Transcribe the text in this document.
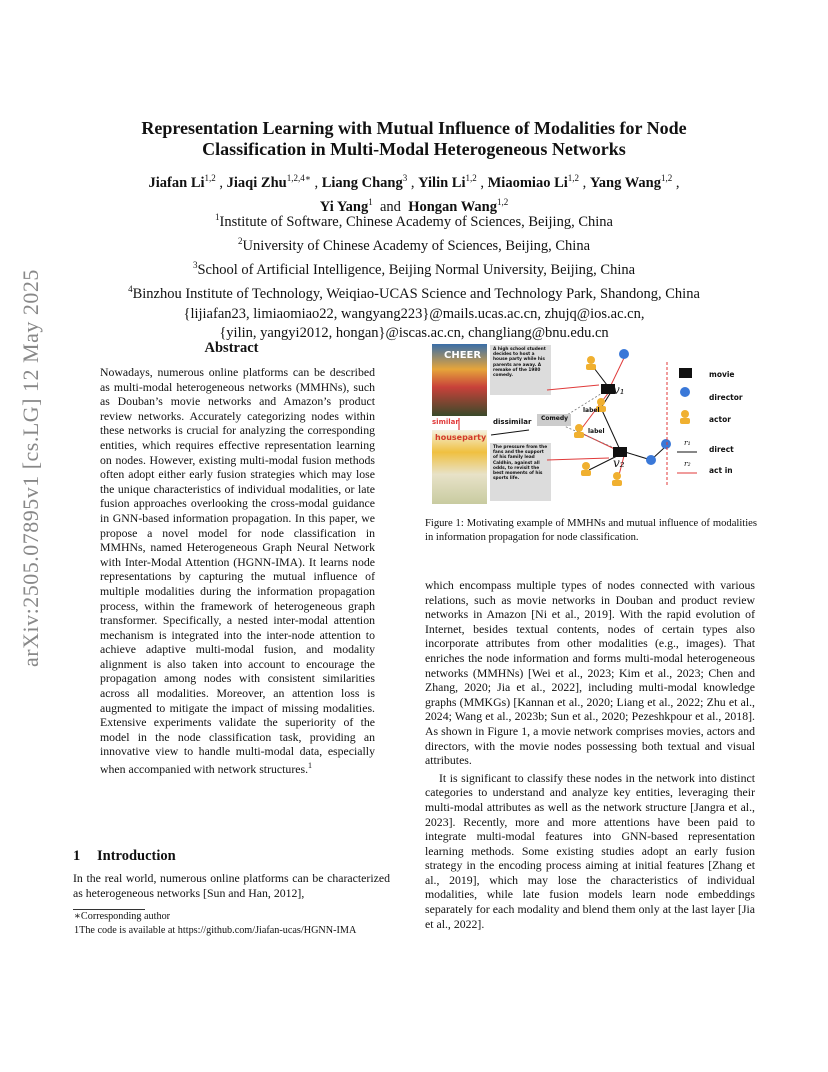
arXiv:2505.07895v1 [cs.LG] 12 May 2025
Representation Learning with Mutual Influence of Modalities for Node
Classification in Multi-Modal Heterogeneous Networks
Jiafan Li$^{1,2}$ , Jiaqi Zhu$^{1,2,4∗}$ , Liang Chang$^3$ , Yilin Li$^{1,2}$ , Miaomiao Li$^{1,2}$ , Yang Wang$^{1,2}$ ,
Yi Yang$^1$ and Hongan Wang$^{1,2}$
$^1$Institute of Software, Chinese Academy of Sciences, Beijing, China
$^2$University of Chinese Academy of Sciences, Beijing, China
$^3$School of Artificial Intelligence, Beijing Normal University, Beijing, China
$^4$Binzhou Institute of Technology, Weiqiao-UCAS Science and Technology Park, Shandong, China
{lijiafan23, limiaomiao22, wangyang223}@mails.ucas.ac.cn, zhujq@ios.ac.cn,
{yilin, yangyi2012, hongan}@iscas.ac.cn, changliang@bnu.edu.cn
Abstract
Nowadays, numerous online platforms can be described as multi-modal heterogeneous networks (MMHNs), such as Douban’s movie networks and Amazon’s product review networks. Accurately categorizing nodes within these networks is crucial for analyzing the corresponding entities, which requires effective representation learning on nodes. However, existing multi-modal fusion methods often adopt either early fusion strategies which may lose the unique characteristics of individual modalities, or late fusion approaches overlooking the cross-modal guidance in GNN-based information propagation. In this paper, we propose a novel model for node classification in MMHNs, named Heterogeneous Graph Neural Network with Inter-Modal Attention (HGNN-IMA). It learns node representations by capturing the mutual influence of multiple modalities during the information propagation process, within the framework of heterogeneous graph transformer. Specifically, a nested inter-modal attention mechanism is integrated into the inter-node attention to achieve adaptive multi-modal fusion, and modality alignment is also taken into account to encourage the propagation among nodes with consistent similarities across all modalities. Moreover, an attention loss is augmented to mitigate the impact of missing modalities. Extensive experiments validate the superiority of the model in the node classification task, providing an innovative view to handle multi-modal data, especially when accompanied with network structures.$^1$
1 Introduction
In the real world, numerous online platforms can be characterized as heterogeneous networks [Sun and Han, 2012],

∗Corresponding author

1The code is available at https://github.com/Jiafan-ucas/HGNN-IMA

CHEER
houseparty
A high school student decides to host a house party while his parents are away. A remake of the 1980 comedy.
The pressure from the fans and the support of his family lead Caldhin, against all odds, to revisit the best moments of his sports life.
similar	dissimilar Comedy
label
label
v₁
v₂
movie
director
actor
r₁
direct
r₂
act in
Figure 1: Motivating example of MMHNs and mutual influence of modalities in information propagation for node classification.

which encompass multiple types of nodes connected with various relations, such as movie networks in Douban and product review networks in Amazon [Ni et al., 2019]. With the rapid evolution of Internet, besides textual contents, nodes of certain types also incorporate attributes from other modalities (e.g., images). That enriches the node information and forms multi-modal heterogeneous networks (MMHNs) [Wei et al., 2023; Kim et al., 2023; Chen and Zhang, 2020; Jia et al., 2022], including multi-modal knowledge graphs (MMKGs) [Kannan et al., 2020; Liang et al., 2022; Zhu et al., 2024; Wang et al., 2023b; Sun et al., 2020; Pezeshkpour et al., 2018]. As shown in Figure 1, a movie network comprises movies, actors and directors, with the movie nodes possessing both textual and visual attributes.

It is significant to classify these nodes in the network into distinct categories to understand and analyze key entities, leveraging their multi-modal attributes as well as the network structure [Jangra et al., 2023]. Recently, more and more attentions have been paid to integrate multi-modal features into GNN-based representation learning methods. Some existing studies adopt an early fusion strategy in the encoding process aiming at initial features [Zhang et al., 2019], which may lose the characteristics of individual modalities, while late fusion models learn node embeddings separately for each modality and blend them only at the last layer [Jia et al., 2022].
